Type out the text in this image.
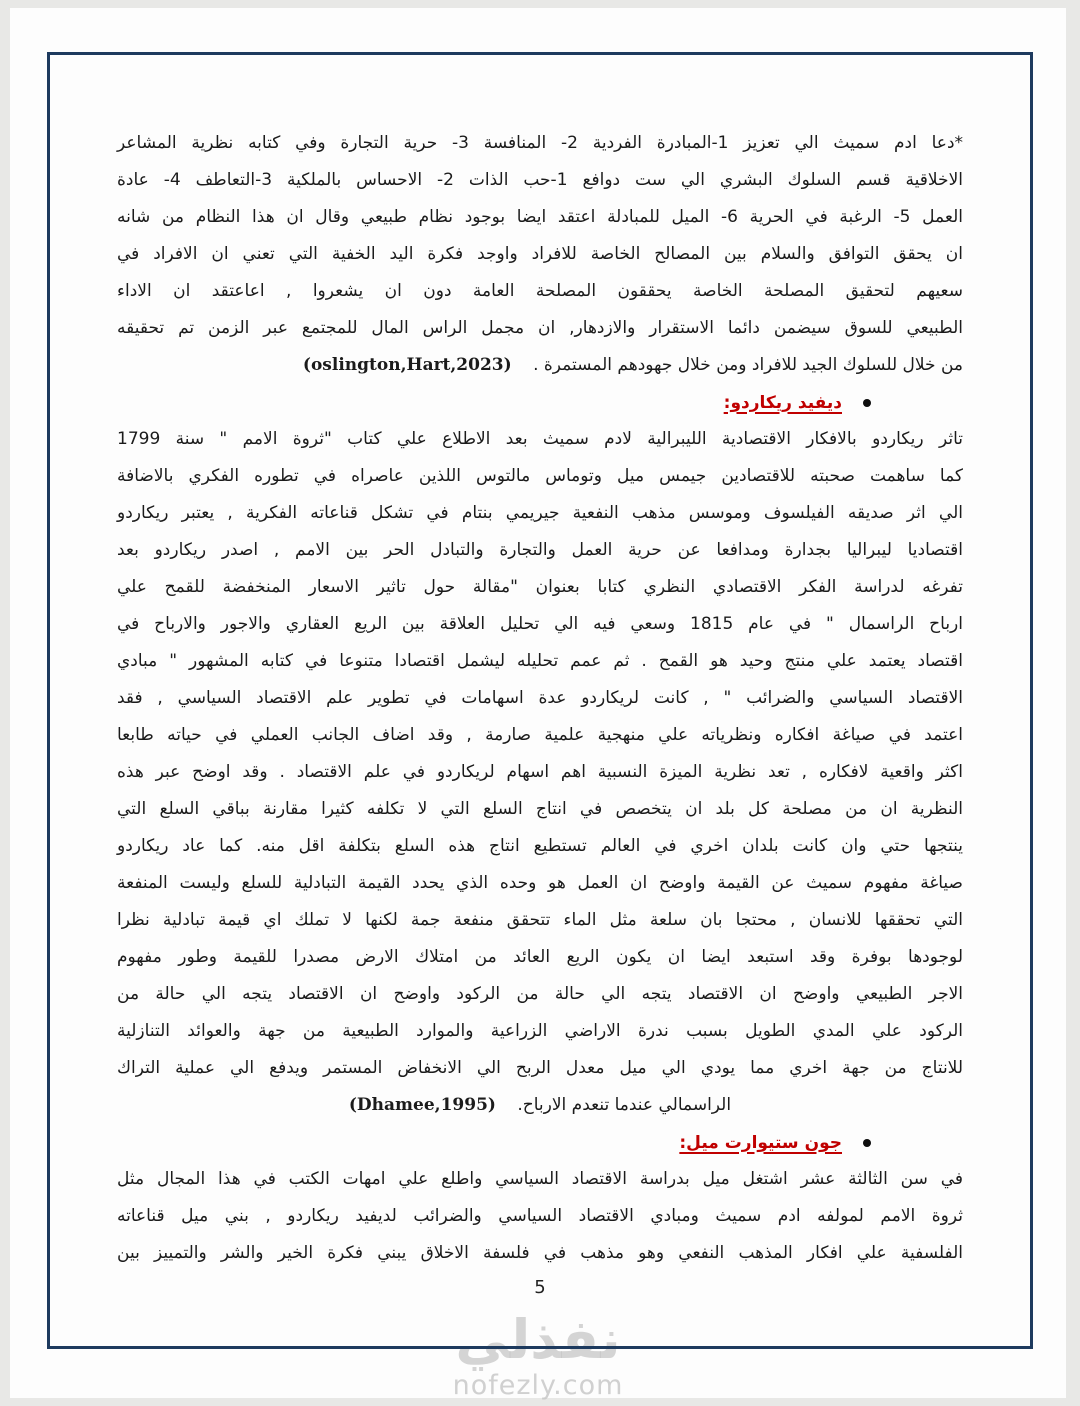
نفذلي
nofezly.com
*دعا ادم سميث الي تعزيز 1-المبادرة الفردية 2- المنافسة 3- حرية التجارة وفي كتابه نظرية المشاعر
الاخلاقية قسم السلوك البشري الي ست دوافع 1-حب الذات 2- الاحساس بالملكية 3-التعاطف 4- عادة
العمل 5- الرغبة في الحرية 6- الميل للمبادلة اعتقد ايضا بوجود نظام طبيعي وقال ان هذا النظام من شانه
ان يحقق التوافق والسلام بين المصالح الخاصة للافراد واوجد فكرة اليد الخفية التي تعني ان الافراد في
سعيهم لتحقيق المصلحة الخاصة يحققون المصلحة العامة دون ان يشعروا , اعاعتقد ان الاداء
الطبيعي للسوق سيضمن دائما الاستقرار والازدهار, ان مجمل الراس المال للمجتمع عبر الزمن تم تحقيقه
من خلال للسلوك الجيد للافراد ومن خلال جهودهم المستمرة . (oslington,Hart,2023)
ديفيد ريكاردو:
تاثر ريكاردو بالافكار الاقتصادية الليبرالية لادم سميث بعد الاطلاع علي كتاب "ثروة الامم " سنة 1799
كما ساهمت صحبته للاقتصادين جيمس ميل وتوماس مالتوس اللذين عاصراه في تطوره الفكري بالاضافة
الي اثر صديقه الفيلسوف وموسس مذهب النفعية جيريمي بنتام في تشكل قناعاته الفكرية , يعتبر ريكاردو
اقتصاديا ليبراليا بجدارة ومدافعا عن حرية العمل والتجارة والتبادل الحر بين الامم , اصدر ريكاردو بعد
تفرغه لدراسة الفكر الاقتصادي النظري كتابا بعنوان "مقالة حول تاثير الاسعار المنخفضة للقمح علي
ارباح الراسمال " في عام 1815 وسعي فيه الي تحليل العلاقة بين الريع العقاري والاجور والارباح في
اقتصاد يعتمد علي منتج وحيد هو القمح . ثم عمم تحليله ليشمل اقتصادا متنوعا في كتابه المشهور " مبادي
الاقتصاد السياسي والضرائب " , كانت لريكاردو عدة اسهامات في تطوير علم الاقتصاد السياسي , فقد
اعتمد في صياغة افكاره ونظرياته علي منهجية علمية صارمة , وقد اضاف الجانب العملي في حياته طابعا
اكثر واقعية لافكاره , تعد نظرية الميزة النسبية اهم اسهام لريكاردو في علم الاقتصاد . وقد اوضح عبر هذه
النظرية ان من مصلحة كل بلد ان يتخصص في انتاج السلع التي لا تكلفه كثيرا مقارنة بباقي السلع التي
ينتجها حتي وان كانت بلدان اخري في العالم تستطيع انتاج هذه السلع بتكلفة اقل منه. كما عاد ريكاردو
صياغة مفهوم سميث عن القيمة واوضح ان العمل هو وحده الذي يحدد القيمة التبادلية للسلع وليست المنفعة
التي تحققها للانسان , محتجا بان سلعة مثل الماء تتحقق منفعة جمة لكنها لا تملك اي قيمة تبادلية نظرا
لوجودها بوفرة وقد استبعد ايضا ان يكون الريع العائد من امتلاك الارض مصدرا للقيمة وطور مفهوم
الاجر الطبيعي واوضح ان الاقتصاد يتجه الي حالة من الركود واوضح ان الاقتصاد يتجه الي حالة من
الركود علي المدي الطويل بسبب ندرة الاراضي الزراعية والموارد الطبيعية من جهة والعوائد التنازلية
للانتاج من جهة اخري مما يودي الي ميل معدل الربح الي الانخفاض المستمر ويدفع الي عملية التراك
الراسمالي عندما تنعدم الارباح. (Dhamee,1995)
جون ستيوارت ميل:
في سن الثالثة عشر اشتغل ميل بدراسة الاقتصاد السياسي واطلع علي امهات الكتب في هذا المجال مثل
ثروة الامم لمولفه ادم سميث ومبادي الاقتصاد السياسي والضرائب لديفيد ريكاردو , بني ميل قناعاته
الفلسفية علي افكار المذهب النفعي وهو مذهب في فلسفة الاخلاق يبني فكرة الخير والشر والتمييز بين
5
